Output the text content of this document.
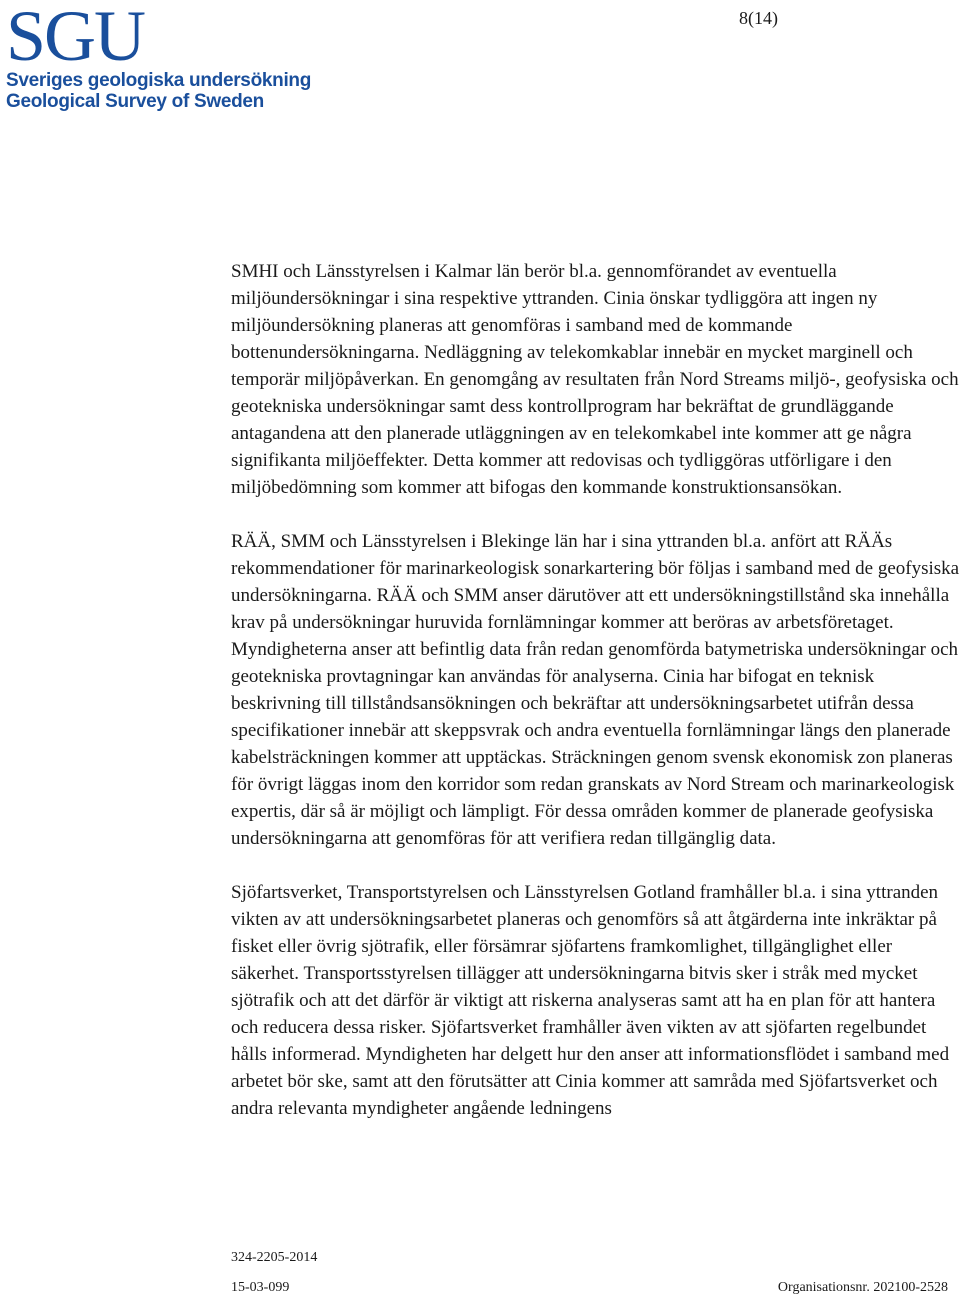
SGU
Sveriges geologiska undersökning
Geological Survey of Sweden
8(14)

SMHI och Länsstyrelsen i Kalmar län berör bl.a. gennomförandet av eventuella miljöundersökningar i sina respektive yttranden. Cinia önskar tydliggöra att ingen ny miljöundersökning planeras att genomföras i samband med de kommande bottenundersökningarna. Nedläggning av telekomkablar innebär en mycket marginell och temporär miljöpåverkan. En genomgång av resultaten från Nord Streams miljö-, geofysiska och geotekniska undersökningar samt dess kontrollprogram har bekräftat de grundläggande antagandena att den planerade utläggningen av en telekomkabel inte kommer att ge några signifikanta miljöeffekter. Detta kommer att redovisas och tydliggöras utförligare i den miljöbedömning som kommer att bifogas den kommande konstruktionsansökan.

RÄÄ, SMM och Länsstyrelsen i Blekinge län har i sina yttranden bl.a. anfört att RÄÄs rekommendationer för marinarkeologisk sonarkartering bör följas i samband med de geofysiska undersökningarna. RÄÄ och SMM anser därutöver att ett undersökningstillstånd ska innehålla krav på undersökningar huruvida fornlämningar kommer att beröras av arbetsföretaget. Myndigheterna anser att befintlig data från redan genomförda batymetriska undersökningar och geotekniska provtagningar kan användas för analyserna. Cinia har bifogat en teknisk beskrivning till tillståndsansökningen och bekräftar att undersökningsarbetet utifrån dessa specifikationer innebär att skeppsvrak och andra eventuella fornlämningar längs den planerade kabelsträckningen kommer att upptäckas. Sträckningen genom svensk ekonomisk zon planeras för övrigt läggas inom den korridor som redan granskats av Nord Stream och marinarkeologisk expertis, där så är möjligt och lämpligt. För dessa områden kommer de planerade geofysiska undersökningarna att genomföras för att verifiera redan tillgänglig data.

Sjöfartsverket, Transportstyrelsen och Länsstyrelsen Gotland framhåller bl.a. i sina yttranden vikten av att undersökningsarbetet planeras och genomförs så att åtgärderna inte inkräktar på fisket eller övrig sjötrafik, eller försämrar sjöfartens framkomlighet, tillgänglighet eller säkerhet. Transportsstyrelsen tillägger att undersökningarna bitvis sker i stråk med mycket sjötrafik och att det därför är viktigt att riskerna analyseras samt att ha en plan för att hantera och reducera dessa risker. Sjöfartsverket framhåller även vikten av att sjöfarten regelbundet hålls informerad. Myndigheten har delgett hur den anser att informationsflödet i samband med arbetet bör ske, samt att den förutsätter att Cinia kommer att samråda med Sjöfartsverket och andra relevanta myndigheter angående ledningens

324-2205-2014
15-03-099	Organisationsnr. 202100-2528
